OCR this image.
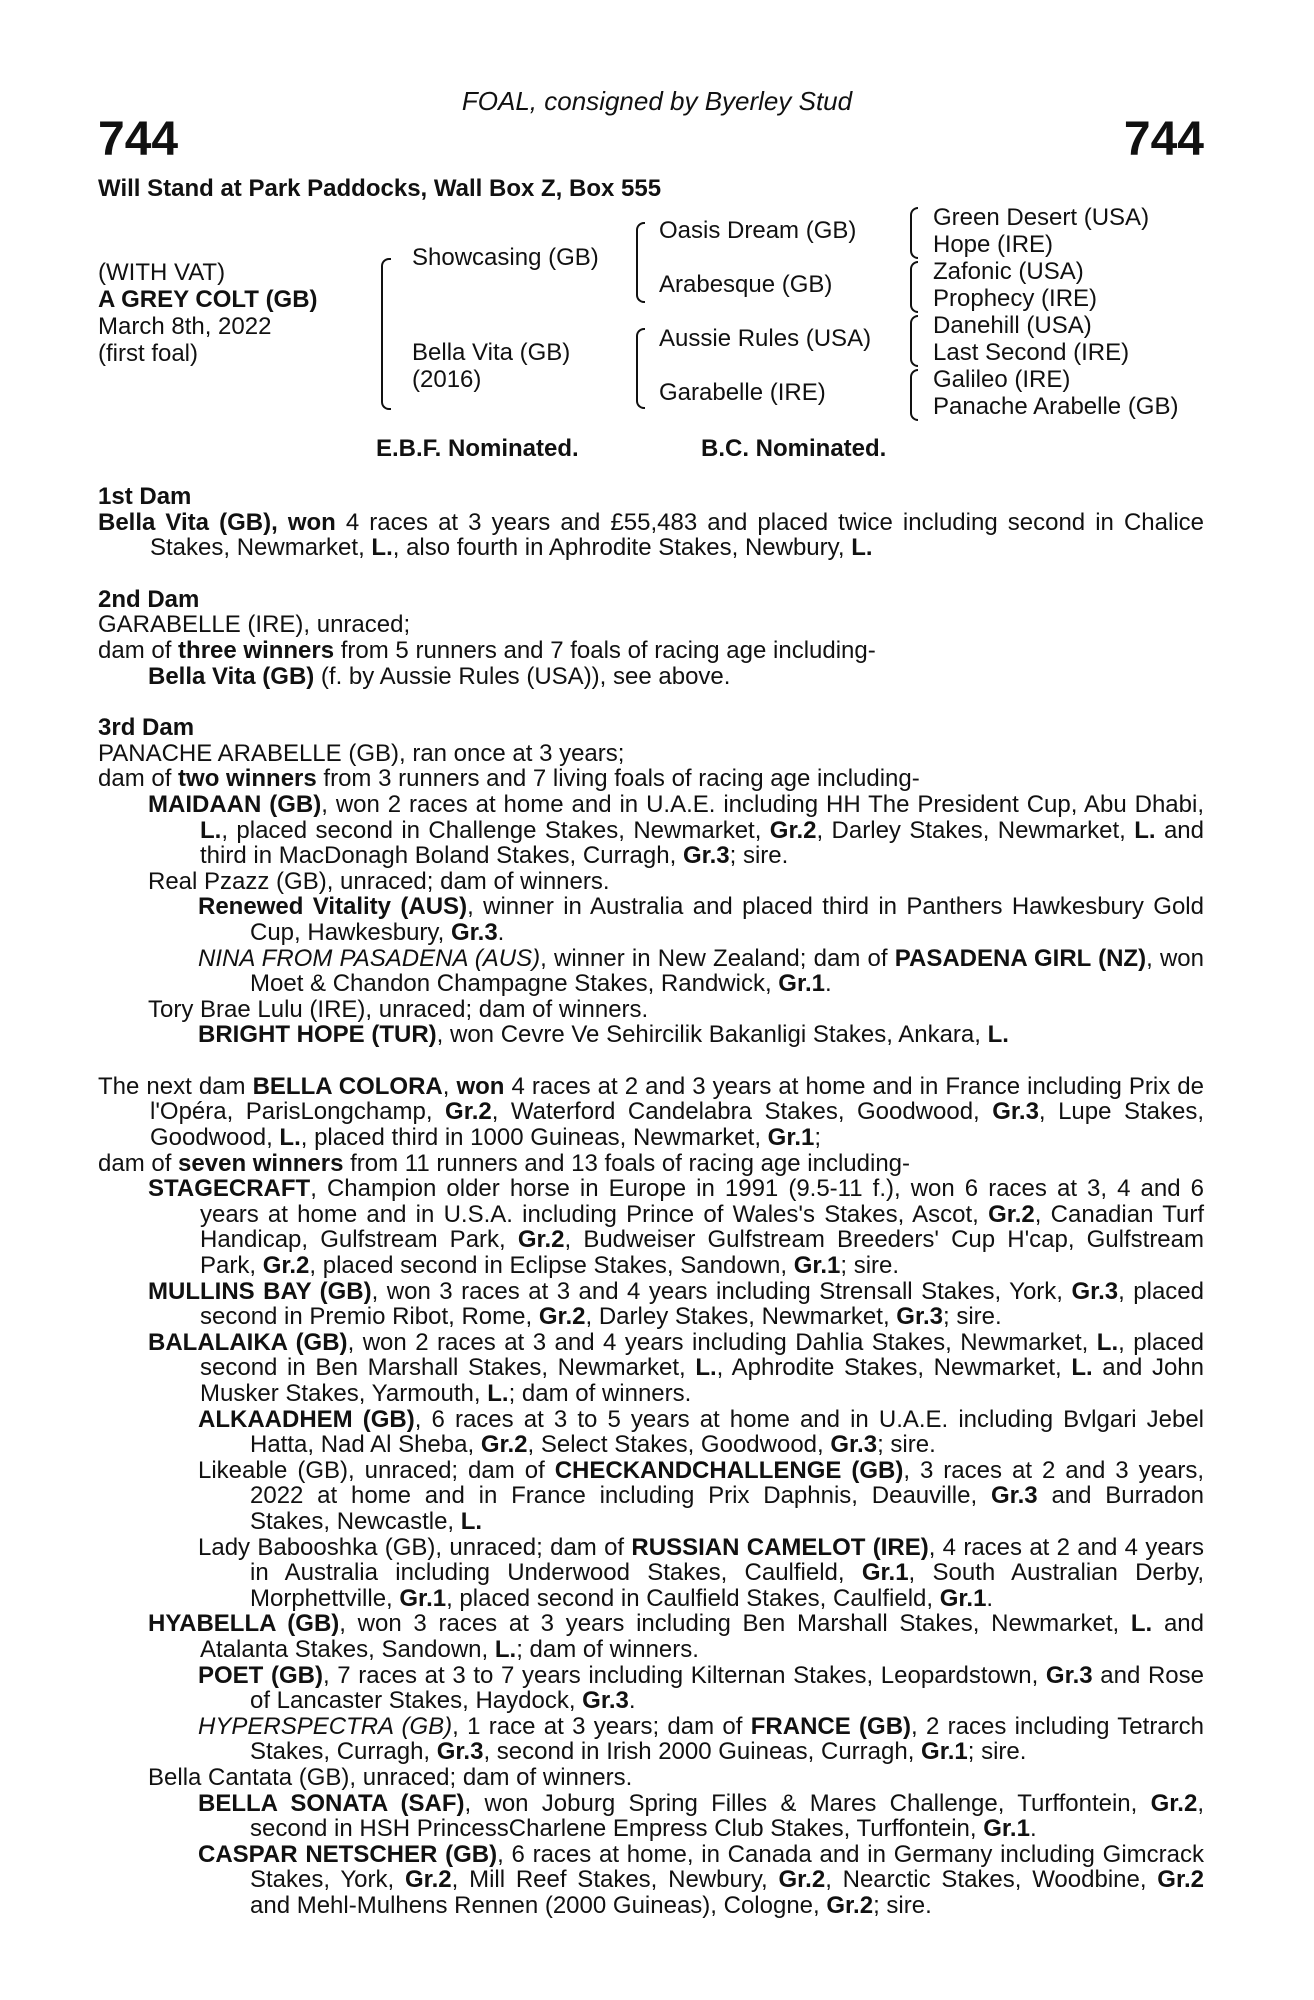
FOAL, consigned by Byerley Stud
744	744
Will Stand at Park Paddocks, Wall Box Z, Box 555
(WITH VAT)
A GREY COLT (GB)
March 8th, 2022
(first foal)
Showcasing (GB)
Bella Vita (GB)
(2016)
Oasis Dream (GB)
Arabesque (GB)
Aussie Rules (USA)
Garabelle (IRE)
Green Desert (USA)
Hope (IRE)
Zafonic (USA)
Prophecy (IRE)
Danehill (USA)
Last Second (IRE)
Galileo (IRE)
Panache Arabelle (GB)
E.B.F. Nominated.	B.C. Nominated.
1st Dam
Bella Vita (GB), won 4 races at 3 years and £55,483 and placed twice including second in Chalice Stakes, Newmarket, L., also fourth in Aphrodite Stakes, Newbury, L.
2nd Dam
GARABELLE (IRE), unraced;
dam of three winners from 5 runners and 7 foals of racing age including-
Bella Vita (GB) (f. by Aussie Rules (USA)), see above.
3rd Dam
PANACHE ARABELLE (GB), ran once at 3 years;
dam of two winners from 3 runners and 7 living foals of racing age including-
MAIDAAN (GB), won 2 races at home and in U.A.E. including HH The President Cup, Abu Dhabi, L., placed second in Challenge Stakes, Newmarket, Gr.2, Darley Stakes, Newmarket, L. and third in MacDonagh Boland Stakes, Curragh, Gr.3; sire.
Real Pzazz (GB), unraced; dam of winners.
Renewed Vitality (AUS), winner in Australia and placed third in Panthers Hawkesbury Gold Cup, Hawkesbury, Gr.3.
NINA FROM PASADENA (AUS), winner in New Zealand; dam of PASADENA GIRL (NZ), won Moet & Chandon Champagne Stakes, Randwick, Gr.1.
Tory Brae Lulu (IRE), unraced; dam of winners.
BRIGHT HOPE (TUR), won Cevre Ve Sehircilik Bakanligi Stakes, Ankara, L.
The next dam BELLA COLORA, won 4 races at 2 and 3 years at home and in France including Prix de l'Opéra, ParisLongchamp, Gr.2, Waterford Candelabra Stakes, Goodwood, Gr.3, Lupe Stakes, Goodwood, L., placed third in 1000 Guineas, Newmarket, Gr.1;
dam of seven winners from 11 runners and 13 foals of racing age including-
STAGECRAFT, Champion older horse in Europe in 1991 (9.5-11 f.), won 6 races at 3, 4 and 6 years at home and in U.S.A. including Prince of Wales's Stakes, Ascot, Gr.2, Canadian Turf Handicap, Gulfstream Park, Gr.2, Budweiser Gulfstream Breeders' Cup H'cap, Gulfstream Park, Gr.2, placed second in Eclipse Stakes, Sandown, Gr.1; sire.
MULLINS BAY (GB), won 3 races at 3 and 4 years including Strensall Stakes, York, Gr.3, placed second in Premio Ribot, Rome, Gr.2, Darley Stakes, Newmarket, Gr.3; sire.
BALALAIKA (GB), won 2 races at 3 and 4 years including Dahlia Stakes, Newmarket, L., placed second in Ben Marshall Stakes, Newmarket, L., Aphrodite Stakes, Newmarket, L. and John Musker Stakes, Yarmouth, L.; dam of winners.
ALKAADHEM (GB), 6 races at 3 to 5 years at home and in U.A.E. including Bvlgari Jebel Hatta, Nad Al Sheba, Gr.2, Select Stakes, Goodwood, Gr.3; sire.
Likeable (GB), unraced; dam of CHECKANDCHALLENGE (GB), 3 races at 2 and 3 years, 2022 at home and in France including Prix Daphnis, Deauville, Gr.3 and Burradon Stakes, Newcastle, L.
Lady Babooshka (GB), unraced; dam of RUSSIAN CAMELOT (IRE), 4 races at 2 and 4 years in Australia including Underwood Stakes, Caulfield, Gr.1, South Australian Derby, Morphettville, Gr.1, placed second in Caulfield Stakes, Caulfield, Gr.1.
HYABELLA (GB), won 3 races at 3 years including Ben Marshall Stakes, Newmarket, L. and Atalanta Stakes, Sandown, L.; dam of winners.
POET (GB), 7 races at 3 to 7 years including Kilternan Stakes, Leopardstown, Gr.3 and Rose of Lancaster Stakes, Haydock, Gr.3.
HYPERSPECTRA (GB), 1 race at 3 years; dam of FRANCE (GB), 2 races including Tetrarch Stakes, Curragh, Gr.3, second in Irish 2000 Guineas, Curragh, Gr.1; sire.
Bella Cantata (GB), unraced; dam of winners.
BELLA SONATA (SAF), won Joburg Spring Filles & Mares Challenge, Turffontein, Gr.2, second in HSH PrincessCharlene Empress Club Stakes, Turffontein, Gr.1.
CASPAR NETSCHER (GB), 6 races at home, in Canada and in Germany including Gimcrack Stakes, York, Gr.2, Mill Reef Stakes, Newbury, Gr.2, Nearctic Stakes, Woodbine, Gr.2 and Mehl-Mulhens Rennen (2000 Guineas), Cologne, Gr.2; sire.
